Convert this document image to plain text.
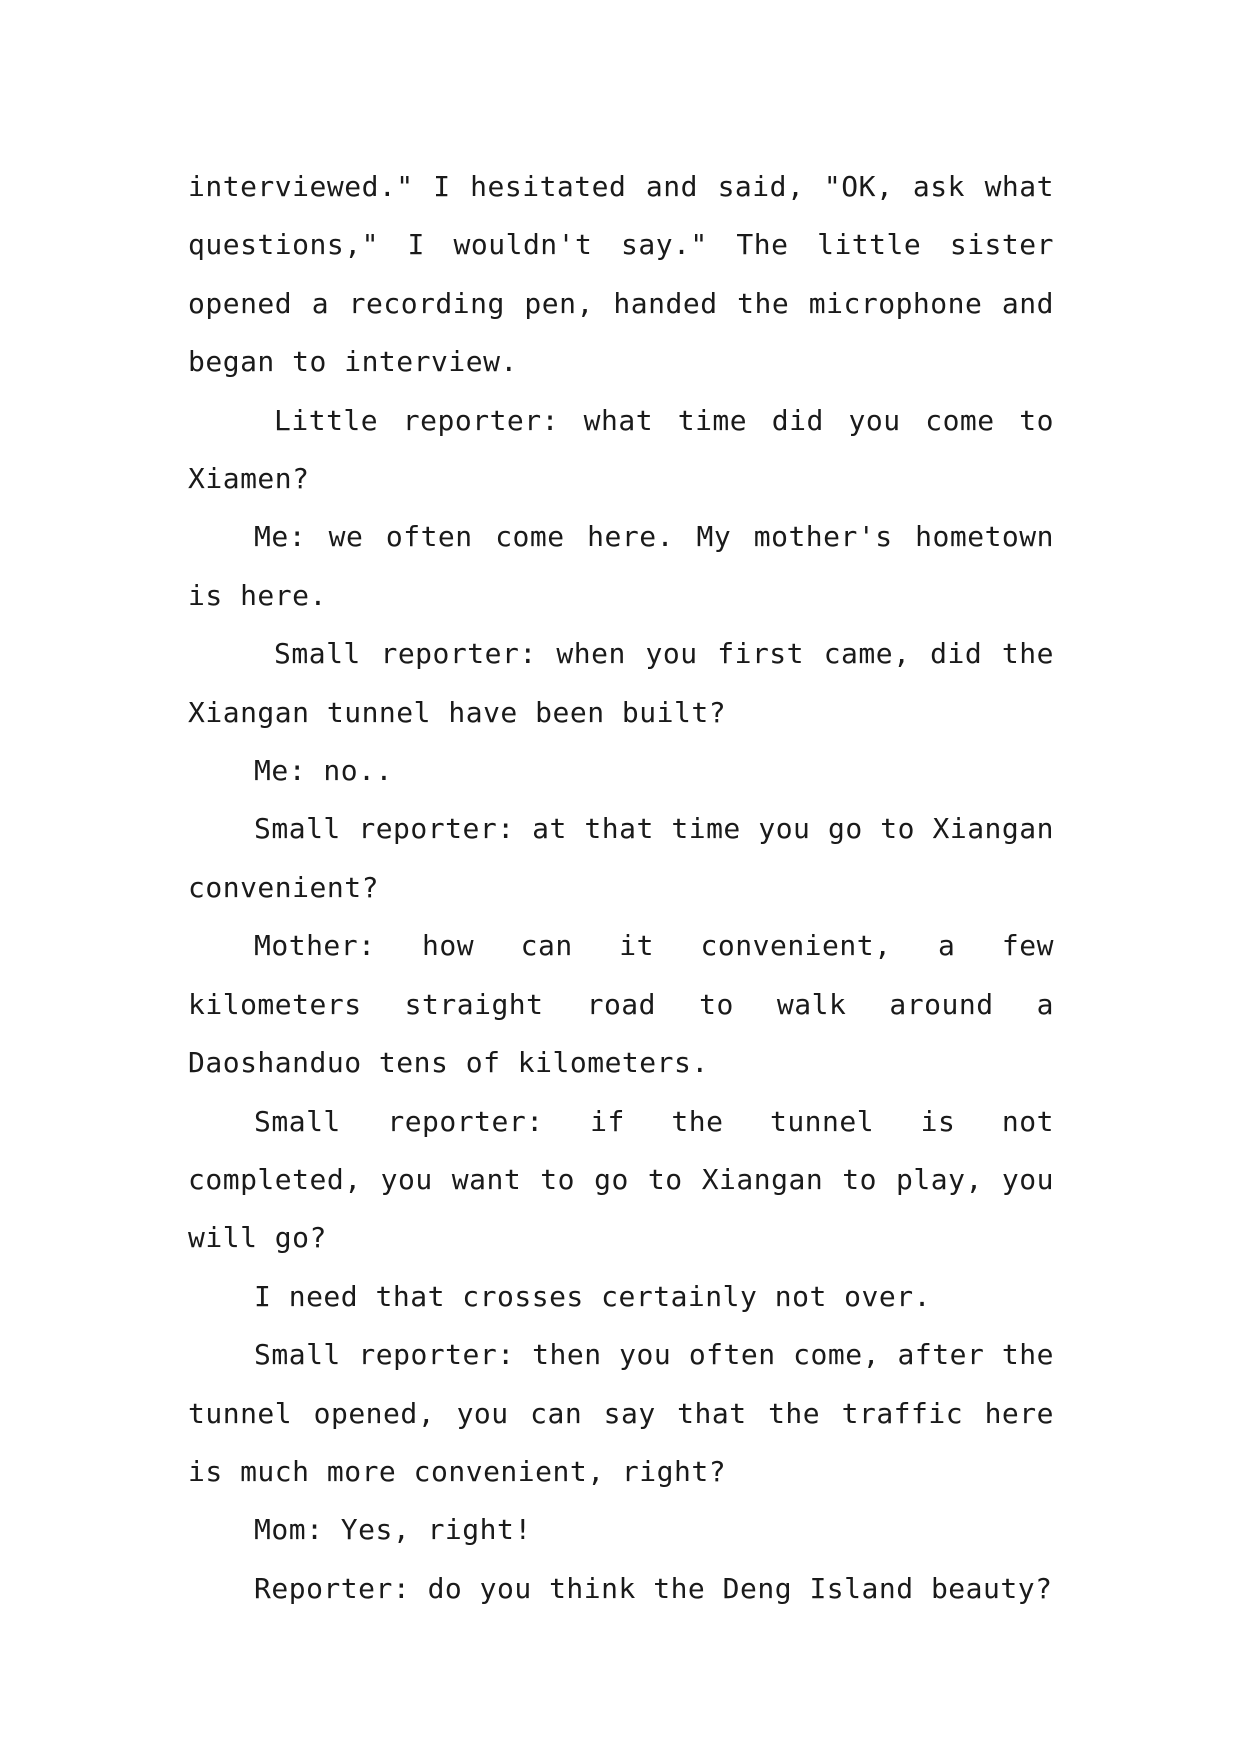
interviewed." I hesitated and said, "OK, ask what questions," I wouldn't say." The little sister opened a recording pen, handed the microphone and began to interview.

Little reporter: what time did you come to Xiamen?

Me: we often come here. My mother's hometown is here.

Small reporter: when you first came, did the Xiangan tunnel have been built?

Me: no..

Small reporter: at that time you go to Xiangan convenient?

Mother: how can it convenient, a few kilometers straight road to walk around a Daoshanduo tens of kilometers.

Small reporter: if the tunnel is not completed, you want to go to Xiangan to play, you will go?

I need that crosses certainly not over.

Small reporter: then you often come, after the tunnel opened, you can say that the traffic here is much more convenient, right?

Mom: Yes, right!

Reporter: do you think the Deng Island beauty?
